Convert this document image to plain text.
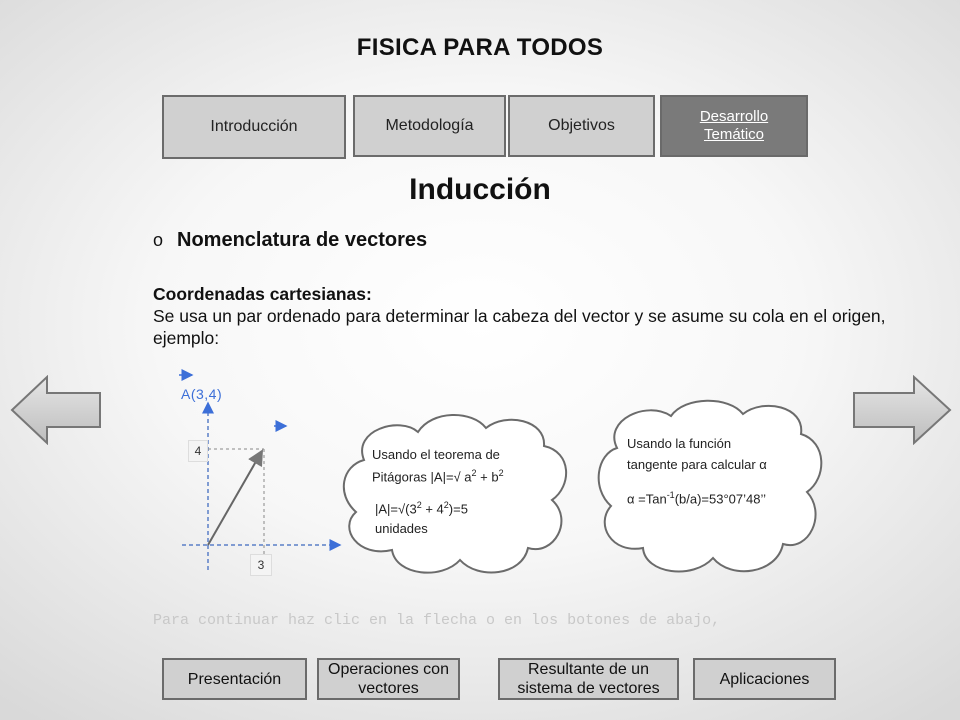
FISICA PARA TODOS
Introducción	Metodología	Objetivos
Desarrollo Temático
Inducción
o Nomenclatura de vectores
Coordenadas cartesianas:
Se usa un par ordenado para determinar la cabeza del vector y se asume su cola en el origen, ejemplo:
A(3,4)
4
3
Usando el teorema de
Pitágoras |A|=√ $a^2 + b^2$
$|A|=√(3^2 + 4^2)=5$
unidades
Usando la función
tangente para calcular α
α =Tan$^{-1}$(b/a)=53°07’48’’
Para continuar haz clic en la flecha o en los botones de abajo,
Presentación
Operaciones con vectores
Resultante de un sistema de vectores
Aplicaciones
